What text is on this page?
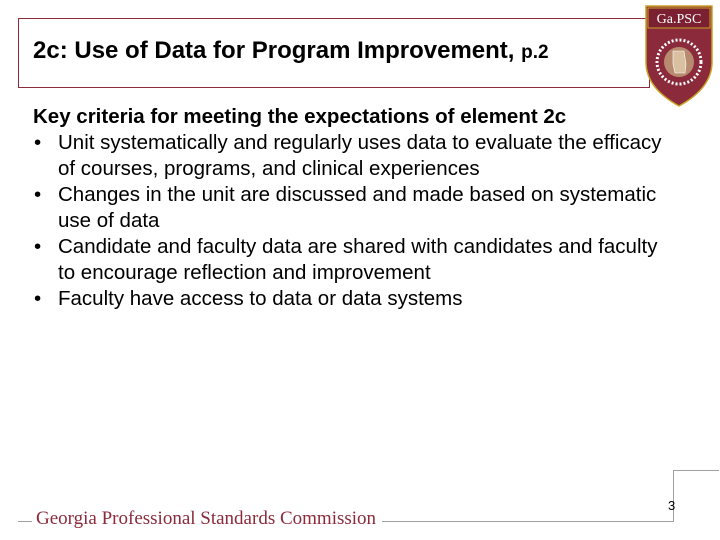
2c: Use of Data for Program Improvement, p.2
Ga.PSC
Key criteria for meeting the expectations of element 2c
• Unit systematically and regularly uses data to evaluate the efficacy of courses, programs, and clinical experiences
• Changes in the unit are discussed and made based on systematic use of data
• Candidate and faculty data are shared with candidates and faculty to encourage reflection and improvement
• Faculty have access to data or data systems
Georgia Professional Standards Commission
3
